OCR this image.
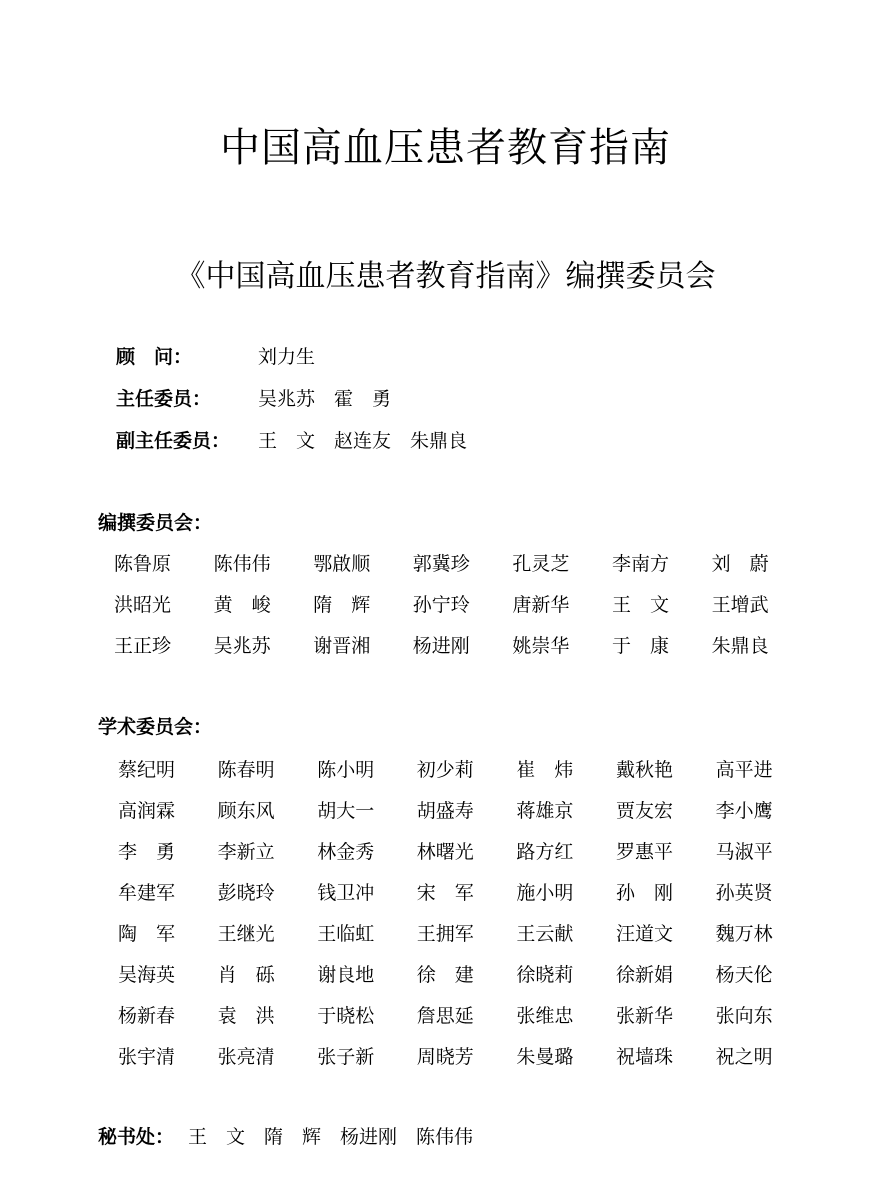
中国高血压患者教育指南
《中国高血压患者教育指南》编撰委员会
顾　问：	刘力生
主任委员： 吴兆苏　霍　勇
副主任委员： 王　文　赵连友　朱鼎良
编撰委员会：
陈鲁原 陈伟伟 鄂啟顺 郭冀珍 孔灵芝 李南方 刘　蔚
洪昭光 黄　峻 隋　辉 孙宁玲 唐新华 王　文 王增武
王正珍 吴兆苏 谢晋湘 杨进刚 姚崇华 于　康 朱鼎良
学术委员会：
蔡纪明 陈春明 陈小明 初少莉 崔　炜 戴秋艳 高平进
高润霖 顾东风 胡大一 胡盛寿 蒋雄京 贾友宏 李小鹰
李　勇 李新立 林金秀 林曙光 路方红 罗惠平 马淑平
牟建军 彭晓玲 钱卫冲 宋　军 施小明 孙　刚 孙英贤
陶　军 王继光 王临虹 王拥军 王云献 汪道文 魏万林
吴海英 肖　砾 谢良地 徐　建 徐晓莉 徐新娟 杨天伦
杨新春 袁　洪 于晓松 詹思延 张维忠 张新华 张向东
张宇清 张亮清 张子新 周晓芳 朱曼璐 祝墙珠 祝之明
秘书处： 王　文　隋　辉　杨进刚　陈伟伟
